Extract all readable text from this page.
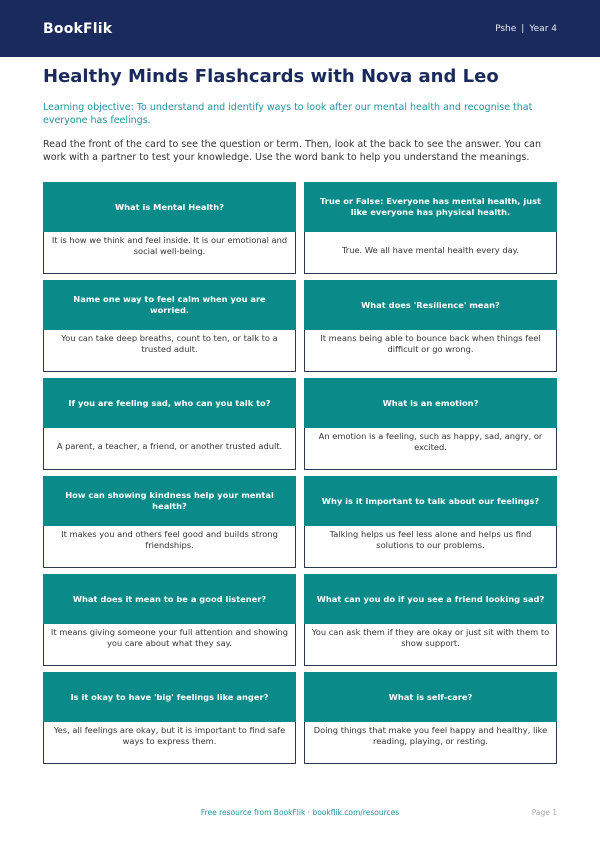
BookFlik	Pshe | Year 4
Healthy Minds Flashcards with Nova and Leo

Learning objective: To understand and identify ways to look after our mental health and recognise that everyone has feelings.

Read the front of the card to see the question or term. Then, look at the back to see the answer. You can work with a partner to test your knowledge. Use the word bank to help you understand the meanings.

What is Mental Health?
It is how we think and feel inside. It is our emotional and social well-being.
True or False: Everyone has mental health, just like everyone has physical health.
True. We all have mental health every day.
Name one way to feel calm when you are worried.
You can take deep breaths, count to ten, or talk to a trusted adult.
What does 'Resilience' mean?
It means being able to bounce back when things feel difficult or go wrong.
If you are feeling sad, who can you talk to?
A parent, a teacher, a friend, or another trusted adult.
What is an emotion?
An emotion is a feeling, such as happy, sad, angry, or excited.
How can showing kindness help your mental health?
It makes you and others feel good and builds strong friendships.
Why is it important to talk about our feelings?
Talking helps us feel less alone and helps us find solutions to our problems.
What does it mean to be a good listener?
It means giving someone your full attention and showing you care about what they say.
What can you do if you see a friend looking sad?
You can ask them if they are okay or just sit with them to show support.
Is it okay to have 'big' feelings like anger?
Yes, all feelings are okay, but it is important to find safe ways to express them.
What is self-care?
Doing things that make you feel happy and healthy, like reading, playing, or resting.
Free resource from BookFlik · bookflik.com/resources	Page 1
